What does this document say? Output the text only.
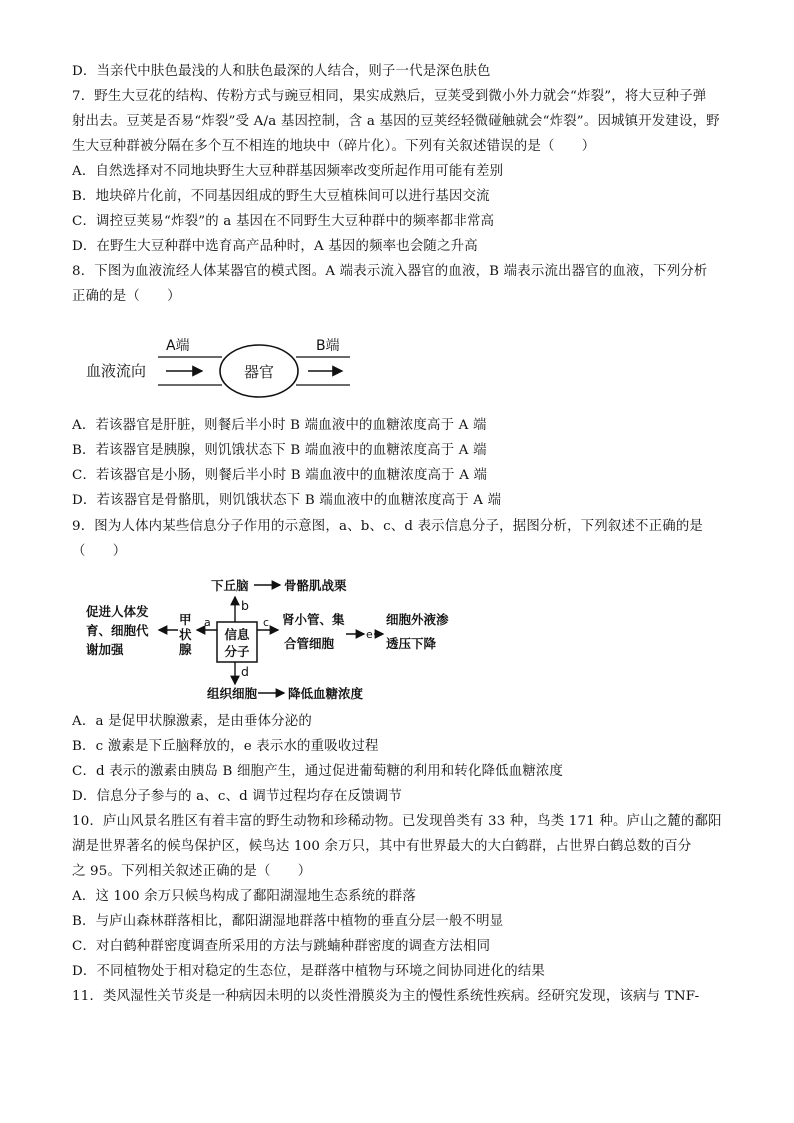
D．当亲代中肤色最浅的人和肤色最深的人结合，则子一代是深色肤色
7．野生大豆花的结构、传粉方式与豌豆相同，果实成熟后，豆荚受到微小外力就会“炸裂”，将大豆种子弹
射出去。豆荚是否易“炸裂”受 A/a 基因控制，含 a 基因的豆荚经轻微碰触就会“炸裂”。因城镇开发建设，野
生大豆种群被分隔在多个互不相连的地块中（碎片化）。下列有关叙述错误的是（　　）
A．自然选择对不同地块野生大豆种群基因频率改变所起作用可能有差别
B．地块碎片化前，不同基因组成的野生大豆植株间可以进行基因交流
C．调控豆荚易“炸裂”的 a 基因在不同野生大豆种群中的频率都非常高
D．在野生大豆种群中选育高产品种时，A 基因的频率也会随之升高
8．下图为血液流经人体某器官的模式图。A 端表示流入器官的血液，B 端表示流出器官的血液，下列分析
正确的是（　　）
血液流向
A端
器官
B端
A．若该器官是肝脏，则餐后半小时 B 端血液中的血糖浓度高于 A 端
B．若该器官是胰腺，则饥饿状态下 B 端血液中的血糖浓度高于 A 端
C．若该器官是小肠，则餐后半小时 B 端血液中的血糖浓度高于 A 端
D．若该器官是骨骼肌，则饥饿状态下 B 端血液中的血糖浓度高于 A 端
9．图为人体内某些信息分子作用的示意图，a、b、c、d 表示信息分子，据图分析，下列叙述不正确的是
（　　）
下丘脑	骨骼肌战栗
b
信息
分子
a
甲
状
腺
促进人体发
育、细胞代
谢加强
c 肾小管、集
合管细胞
e
细胞外液渗
透压下降
d
组织细胞 降低血糖浓度
A．a 是促甲状腺激素，是由垂体分泌的
B．c 激素是下丘脑释放的，e 表示水的重吸收过程
C．d 表示的激素由胰岛 B 细胞产生，通过促进葡萄糖的利用和转化降低血糖浓度
D．信息分子参与的 a、c、d 调节过程均存在反馈调节
10．庐山风景名胜区有着丰富的野生动物和珍稀动物。已发现兽类有 33 种，鸟类 171 种。庐山之麓的鄱阳
湖是世界著名的候鸟保护区，候鸟达 100 余万只，其中有世界最大的大白鹤群，占世界白鹤总数的百分
之 95。下列相关叙述正确的是（　　）
A．这 100 余万只候鸟构成了鄱阳湖湿地生态系统的群落
B．与庐山森林群落相比，鄱阳湖湿地群落中植物的垂直分层一般不明显
C．对白鹤种群密度调查所采用的方法与跳蝻种群密度的调查方法相同
D．不同植物处于相对稳定的生态位，是群落中植物与环境之间协同进化的结果
11．类风湿性关节炎是一种病因未明的以炎性滑膜炎为主的慢性系统性疾病。经研究发现，该病与 TNF-
